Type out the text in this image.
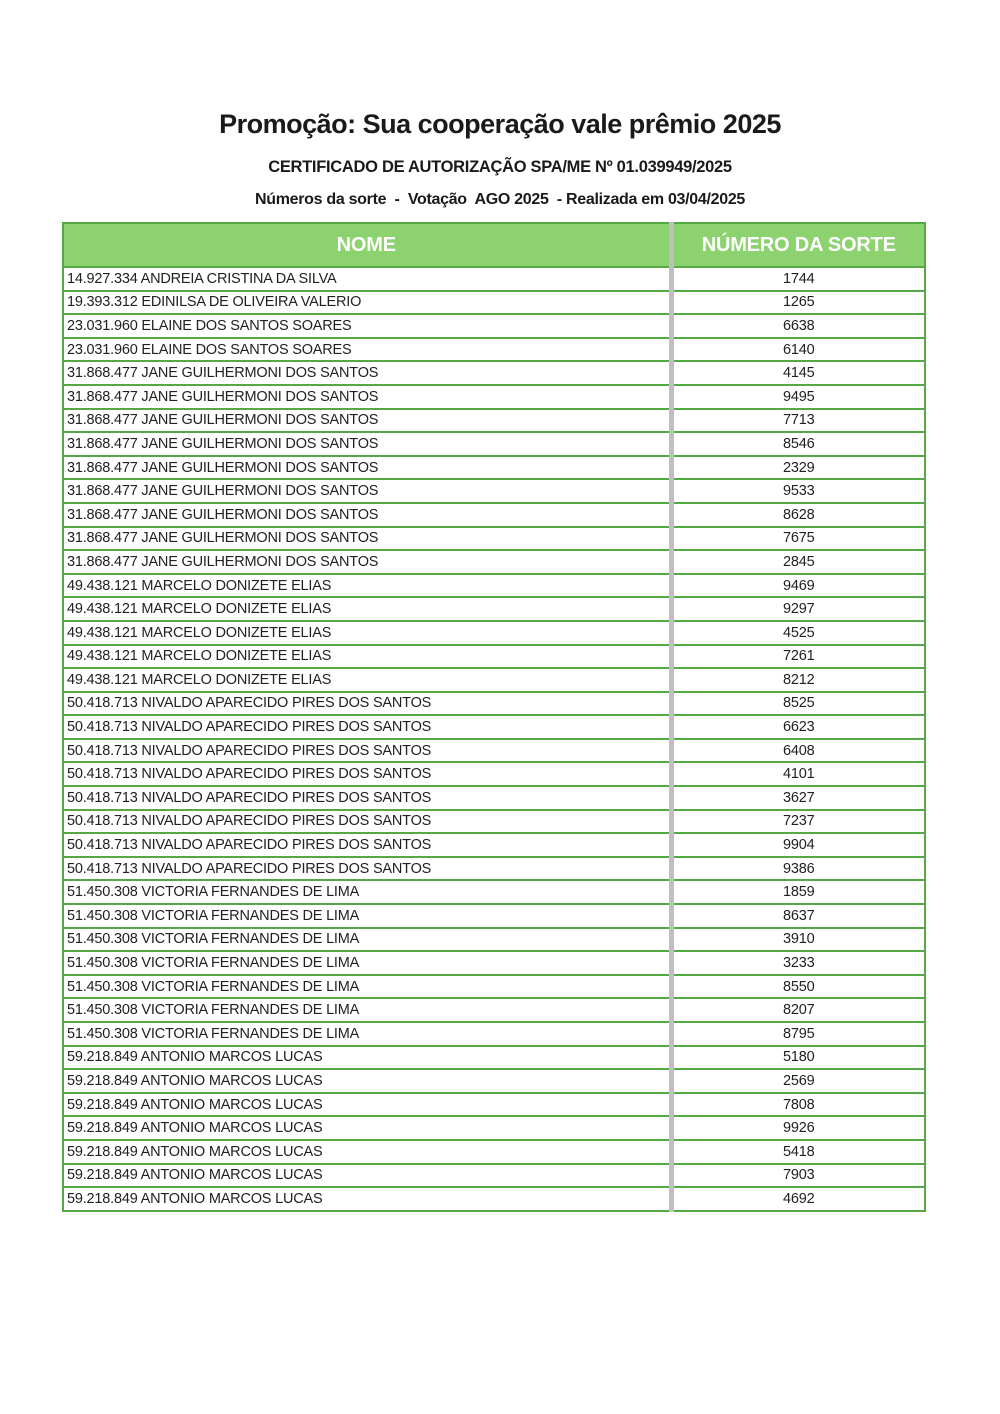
Promoção: Sua cooperação vale prêmio 2025
CERTIFICADO DE AUTORIZAÇÃO SPA/ME Nº 01.039949/2025
Números da sorte  -  Votação  AGO 2025  - Realizada em 03/04/2025
NOME	NÚMERO DA SORTE
14.927.334 ANDREIA CRISTINA DA SILVA	1744
19.393.312 EDINILSA DE OLIVEIRA VALERIO	1265
23.031.960 ELAINE DOS SANTOS SOARES	6638
23.031.960 ELAINE DOS SANTOS SOARES	6140
31.868.477 JANE GUILHERMONI DOS SANTOS	4145
31.868.477 JANE GUILHERMONI DOS SANTOS	9495
31.868.477 JANE GUILHERMONI DOS SANTOS	7713
31.868.477 JANE GUILHERMONI DOS SANTOS	8546
31.868.477 JANE GUILHERMONI DOS SANTOS	2329
31.868.477 JANE GUILHERMONI DOS SANTOS	9533
31.868.477 JANE GUILHERMONI DOS SANTOS	8628
31.868.477 JANE GUILHERMONI DOS SANTOS	7675
31.868.477 JANE GUILHERMONI DOS SANTOS	2845
49.438.121 MARCELO DONIZETE ELIAS	9469
49.438.121 MARCELO DONIZETE ELIAS	9297
49.438.121 MARCELO DONIZETE ELIAS	4525
49.438.121 MARCELO DONIZETE ELIAS	7261
49.438.121 MARCELO DONIZETE ELIAS	8212
50.418.713 NIVALDO APARECIDO PIRES DOS SANTOS	8525
50.418.713 NIVALDO APARECIDO PIRES DOS SANTOS	6623
50.418.713 NIVALDO APARECIDO PIRES DOS SANTOS	6408
50.418.713 NIVALDO APARECIDO PIRES DOS SANTOS	4101
50.418.713 NIVALDO APARECIDO PIRES DOS SANTOS	3627
50.418.713 NIVALDO APARECIDO PIRES DOS SANTOS	7237
50.418.713 NIVALDO APARECIDO PIRES DOS SANTOS	9904
50.418.713 NIVALDO APARECIDO PIRES DOS SANTOS	9386
51.450.308 VICTORIA FERNANDES DE LIMA	1859
51.450.308 VICTORIA FERNANDES DE LIMA	8637
51.450.308 VICTORIA FERNANDES DE LIMA	3910
51.450.308 VICTORIA FERNANDES DE LIMA	3233
51.450.308 VICTORIA FERNANDES DE LIMA	8550
51.450.308 VICTORIA FERNANDES DE LIMA	8207
51.450.308 VICTORIA FERNANDES DE LIMA	8795
59.218.849 ANTONIO MARCOS LUCAS	5180
59.218.849 ANTONIO MARCOS LUCAS	2569
59.218.849 ANTONIO MARCOS LUCAS	7808
59.218.849 ANTONIO MARCOS LUCAS	9926
59.218.849 ANTONIO MARCOS LUCAS	5418
59.218.849 ANTONIO MARCOS LUCAS	7903
59.218.849 ANTONIO MARCOS LUCAS	4692
